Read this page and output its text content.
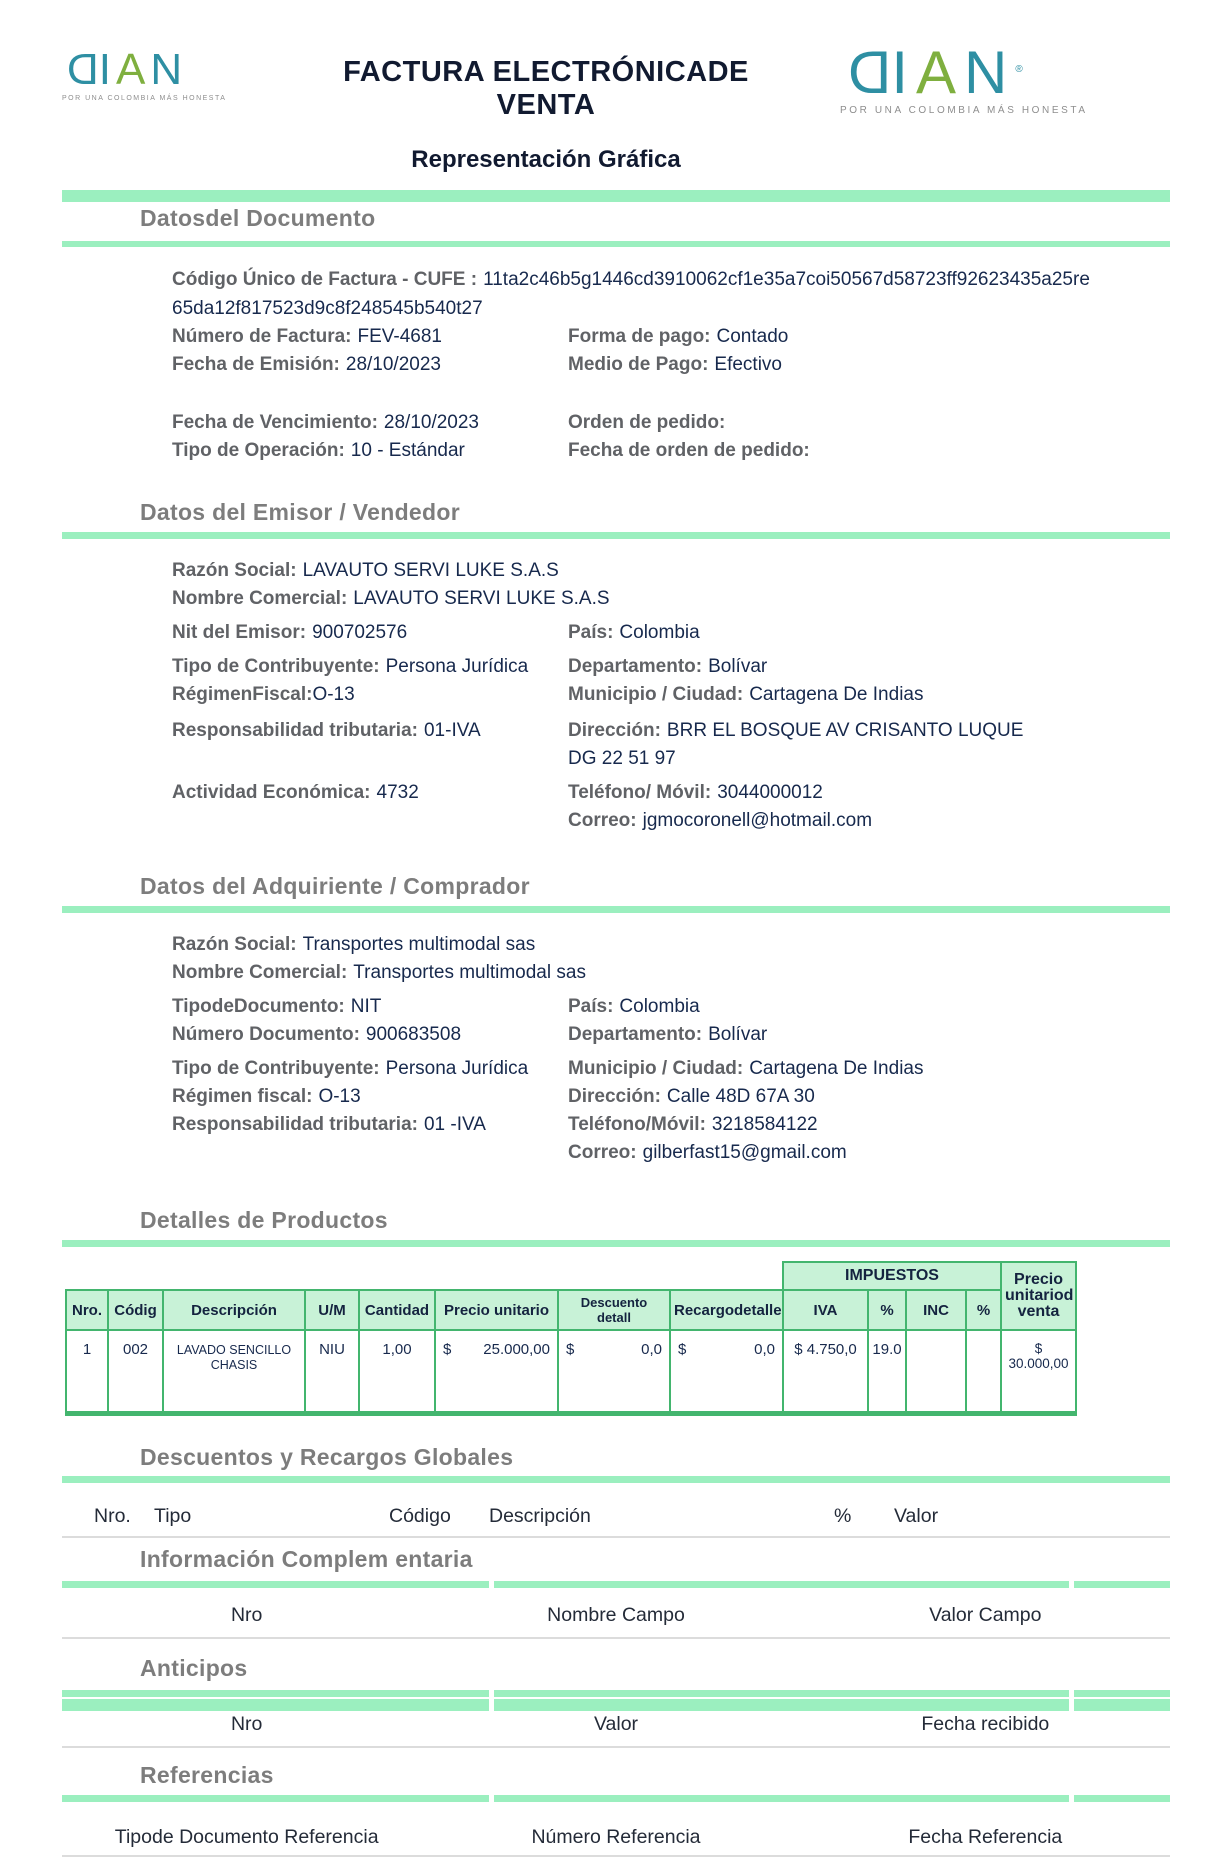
DIAN
POR UNA COLOMBIA MÁS HONESTA
FACTURA ELECTRÓNICADE VENTA
Representación Gráfica
DIAN®
POR UNA COLOMBIA MÁS HONESTA
Datosdel Documento
Código Único de Factura - CUFE : 11ta2c46b5g1446cd3910062cf1e35a7coi50567d58723ff92623435a25re
65da12f817523d9c8f248545b540t27
Número de Factura: FEV-4681	Forma de pago: Contado
Fecha de Emisión: 28/10/2023	Medio de Pago: Efectivo
Fecha de Vencimiento: 28/10/2023	Orden de pedido:
Tipo de Operación: 10 - Estándar	Fecha de orden de pedido:
Datos del Emisor / Vendedor
Razón Social: LAVAUTO SERVI LUKE S.A.S
Nombre Comercial: LAVAUTO SERVI LUKE S.A.S
Nit del Emisor: 900702576	País: Colombia
Tipo de Contribuyente: Persona Jurídica	Departamento: Bolívar
RégimenFiscal:O-13	Municipio / Ciudad: Cartagena De Indias
Responsabilidad tributaria: 01-IVA	Dirección: BRR EL BOSQUE AV CRISANTO LUQUE
DG 22 51 97
Actividad Económica: 4732	Teléfono/ Móvil: 3044000012
Correo: jgmocoronell@hotmail.com
Datos del Adquiriente / Comprador
Razón Social: Transportes multimodal sas
Nombre Comercial: Transportes multimodal sas
TipodeDocumento: NIT	País: Colombia
Número Documento: 900683508	Departamento: Bolívar
Tipo de Contribuyente: Persona Jurídica	Municipio / Ciudad: Cartagena De Indias
Régimen fiscal: O-13	Dirección: Calle 48D 67A 30
Responsabilidad tributaria: 01 -IVA	Teléfono/Móvil: 3218584122
Correo: gilberfast15@gmail.com
Detalles de Productos
								IMPUESTOS				Precio unitariod venta
Nro.	Códig	Descripción	U/M	Cantidad	Precio unitario	Descuento detall	Recargodetalle	IVA	%	INC	%	
1	002	LAVADO SENCILLO CHASIS	NIU	1,00	$ 25.000,00	$ 0,0	$ 0,0	$ 4.750,0	19.0			$ 30.000,00
Descuentos y Recargos Globales
Nro.	Tipo	Código	Descripción	%	Valor
Información Complem entaria
Nro	Nombre Campo	Valor Campo
Anticipos
Nro	Valor	Fecha recibido
Referencias
Tipode Documento Referencia	Número Referencia	Fecha Referencia
